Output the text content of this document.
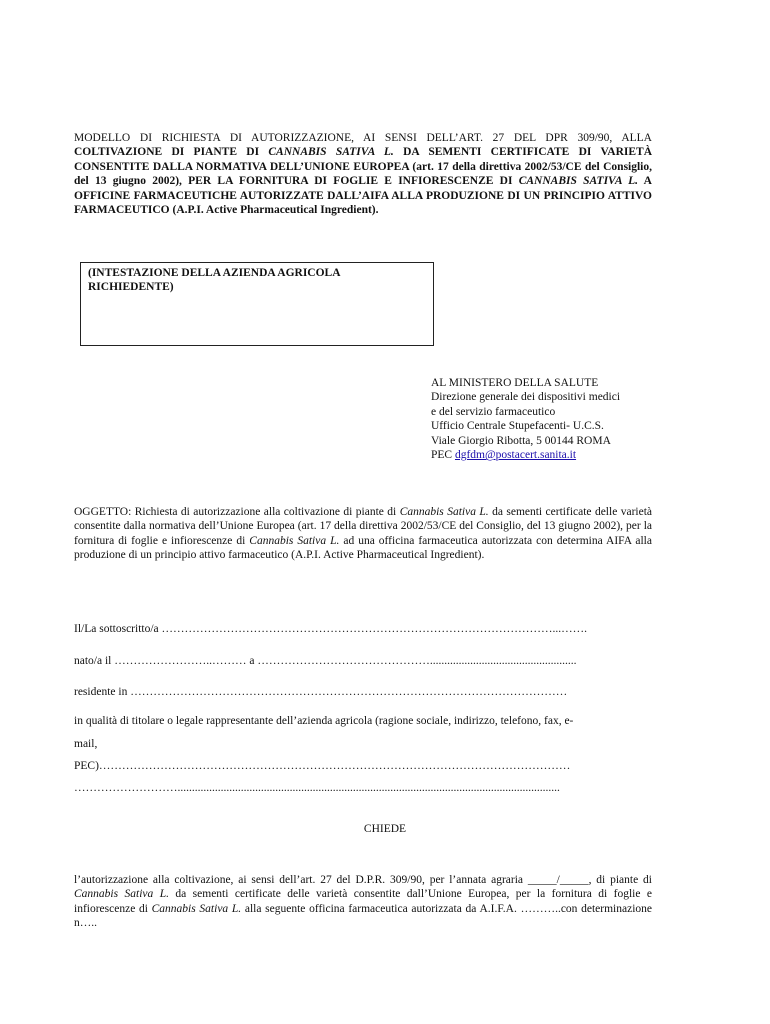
MODELLO DI RICHIESTA DI AUTORIZZAZIONE, AI SENSI DELL’ART. 27 DEL DPR 309/90, ALLA COLTIVAZIONE DI PIANTE DI CANNABIS SATIVA L. DA SEMENTI CERTIFICATE DI VARIETÀ CONSENTITE DALLA NORMATIVA DELL’UNIONE EUROPEA (art. 17 della direttiva 2002/53/CE del Consiglio, del 13 giugno 2002), PER LA FORNITURA DI FOGLIE E INFIORESCENZE DI CANNABIS SATIVA L. A OFFICINE FARMACEUTICHE AUTORIZZATE DALL’AIFA ALLA PRODUZIONE DI UN PRINCIPIO ATTIVO FARMACEUTICO (A.P.I. Active Pharmaceutical Ingredient).
(INTESTAZIONE DELLA AZIENDA AGRICOLA
RICHIEDENTE)
AL MINISTERO DELLA SALUTE
Direzione generale dei dispositivi medici
e del servizio farmaceutico
Ufficio Centrale Stupefacenti- U.C.S.
Viale Giorgio Ribotta, 5 00144 ROMA
PEC dgfdm@postacert.sanita.it
OGGETTO: Richiesta di autorizzazione alla coltivazione di piante di Cannabis Sativa L. da sementi certificate delle varietà consentite dalla normativa dell’Unione Europea (art. 17 della direttiva 2002/53/CE del Consiglio, del 13 giugno 2002), per la fornitura di foglie e infiorescenze di Cannabis Sativa L. ad una officina farmaceutica autorizzata con determina AIFA alla produzione di un principio attivo farmaceutico (A.P.I. Active Pharmaceutical Ingredient).
Il/La sottoscritto/a …………………………………………………………………………………………...…….
nato/a il ……………………..……… a ………………………………………...................................................
residente in ……………………………………………………………………………………………………
in qualità di titolare o legale rappresentante dell’azienda agricola (ragione sociale, indirizzo, telefono, fax, e-
mail,
PEC)……………………………………………………………………………………………………………
……………………….....................................................................................................................................
CHIEDE
l’autorizzazione alla coltivazione, ai sensi dell’art. 27 del D.P.R. 309/90, per l’annata agraria _____/_____, di piante di Cannabis Sativa L. da sementi certificate delle varietà consentite dall’Unione Europea, per la fornitura di foglie e infiorescenze di Cannabis Sativa L. alla seguente officina farmaceutica autorizzata da A.I.F.A. ………..con determinazione n…..
